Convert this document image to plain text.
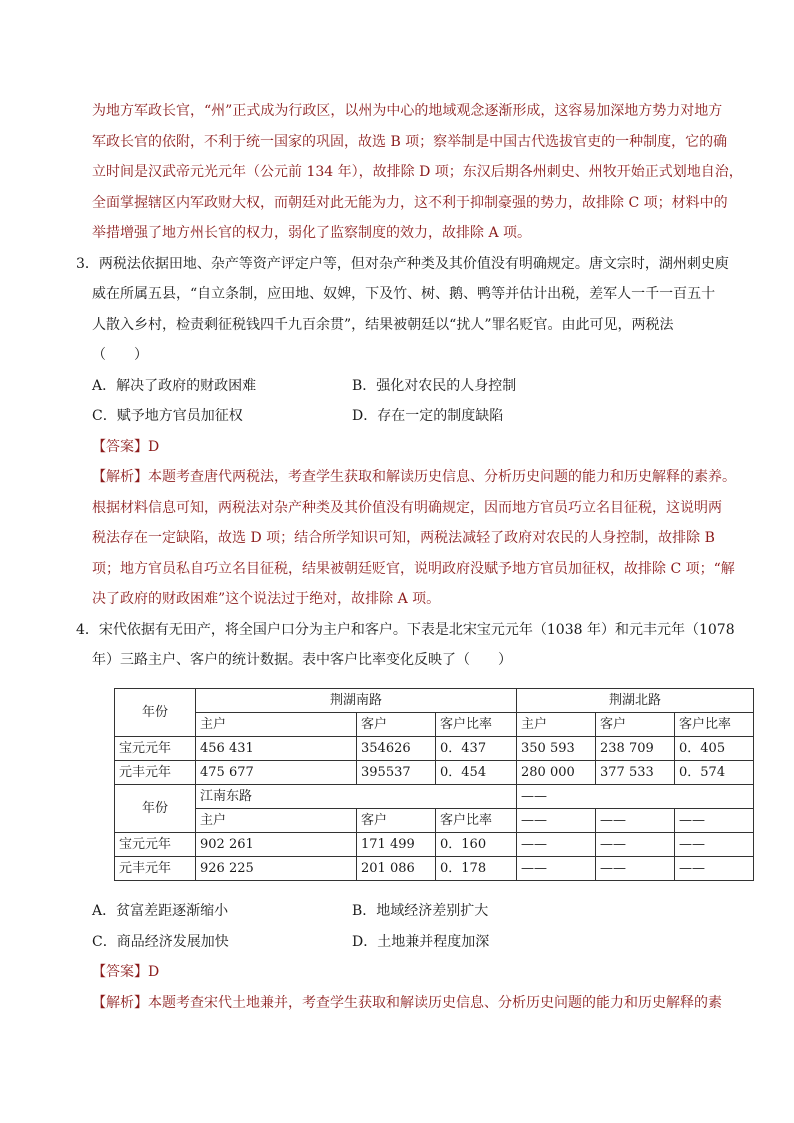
为地方军政长官，“州”正式成为行政区，以州为中心的地域观念逐渐形成，这容易加深地方势力对地方
军政长官的依附，不利于统一国家的巩固，故选 B 项；察举制是中国古代选拔官吏的一种制度，它的确
立时间是汉武帝元光元年（公元前 134 年），故排除 D 项；东汉后期各州刺史、州牧开始正式划地自治，
全面掌握辖区内军政财大权，而朝廷对此无能为力，这不利于抑制豪强的势力，故排除 C 项；材料中的
举措增强了地方州长官的权力，弱化了监察制度的效力，故排除 A 项。
3．两税法依据田地、杂产等资产评定户等，但对杂产种类及其价值没有明确规定。唐文宗时，湖州刺史庾
威在所属五县，“自立条制，应田地、奴婢，下及竹、树、鹅、鸭等并估计出税，差军人一千一百五十
人散入乡村，检责剩征税钱四千九百余贯”，结果被朝廷以“扰人”罪名贬官。由此可见，两税法
（　　）
A．解决了政府的财政困难	B．强化对农民的人身控制
C．赋予地方官员加征权	D．存在一定的制度缺陷
【答案】D
【解析】本题考查唐代两税法，考查学生获取和解读历史信息、分析历史问题的能力和历史解释的素养。
根据材料信息可知，两税法对杂产种类及其价值没有明确规定，因而地方官员巧立名目征税，这说明两
税法存在一定缺陷，故选 D 项；结合所学知识可知，两税法减轻了政府对农民的人身控制，故排除 B
项；地方官员私自巧立名目征税，结果被朝廷贬官，说明政府没赋予地方官员加征权，故排除 C 项；“解
决了政府的财政困难”这个说法过于绝对，故排除 A 项。
4．宋代依据有无田产，将全国户口分为主户和客户。下表是北宋宝元元年（1038 年）和元丰元年（1078
年）三路主户、客户的统计数据。表中客户比率变化反映了（　　）
年份	荆湖南路			荆湖北路		
	主户	客户	客户比率	主户	客户	客户比率
宝元元年	456 431	354626	0．437	350 593	238 709	0．405
元丰元年	475 677	395537	0．454	280 000	377 533	0．574
年份	江南东路			——		
	主户	客户	客户比率	——	——	——
宝元元年	902 261	171 499	0．160	——	——	——
元丰元年	926 225	201 086	0．178	——	——	——
A．贫富差距逐渐缩小	B．地域经济差别扩大
C．商品经济发展加快	D．土地兼并程度加深
【答案】D
【解析】本题考查宋代土地兼并，考查学生获取和解读历史信息、分析历史问题的能力和历史解释的素
